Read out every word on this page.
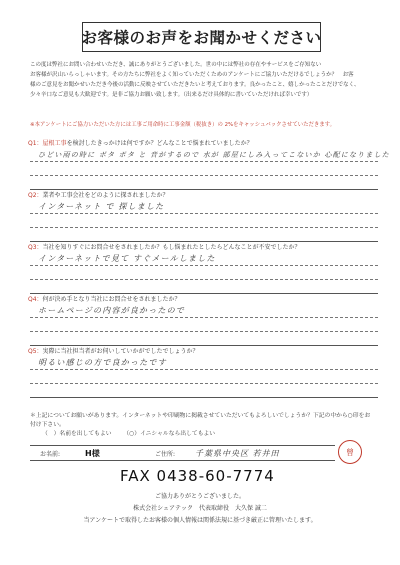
お客様のお声をお聞かせください

この度は弊社にお問い合わせいただき、誠にありがとうございました。世の中には弊社の存在やサービスをご存知ない

お客様が沢山いらっしゃいます。その方たちに弊社をよく知っていただくためのアンケートにご協力いただけるでしょうか？　お客

様のご意見をお聞かせいただき今後の活動に反映させていただきたいと考えております。良かったこと、嬉しかったことだけでなく、

少々辛口なご意見も大歓迎です。是非ご協力お願い致します。（出来るだけ具体的に書いていただければ幸いです）

※本アンケートにご協力いただいた方には工事ご用命時に工事金額（税抜き）の 2%をキャッシュバックさせていただきます。
Q1：屋根工事を検討したきっかけは何ですか？どんなことで悩まれていましたか？
ひどい雨の時に ポタ ポタ と 音がするので 水が 部屋にしみ入ってこないか 心配になりました
Q2：業者や工事会社をどのように探されましたか？
インターネット で 探しました
Q3：当社を知りすぐにお問合せをされましたか？もし悩まれたとしたらどんなことが不安でしたか？
インターネットで見て すぐメールしました
Q4：何が決め手となり当社にお問合せをされましたか？
ホームページの内容が良かったので
Q5：実際に当社担当者がお伺いしていかがでしたでしょうか？
明るい感じの方で良かったです
＊上記についてお願いがあります。インターネットや印刷物に掲載させていただいてもよろしいでしょうか？下記の中から○印をお付け下さい。
（　）名前を出してもよい （○）イニシャルなら出してもよい
お名前:	H様	ご住所:	千葉県中央区 若井田	曾
FAX 0438-60-7774
ご協力ありがとうございました。
株式会社シェアテック　代表取締役　大久保 誠二
当アンケートで取得したお客様の個人情報は関係法規に基づき厳正に管理いたします。
